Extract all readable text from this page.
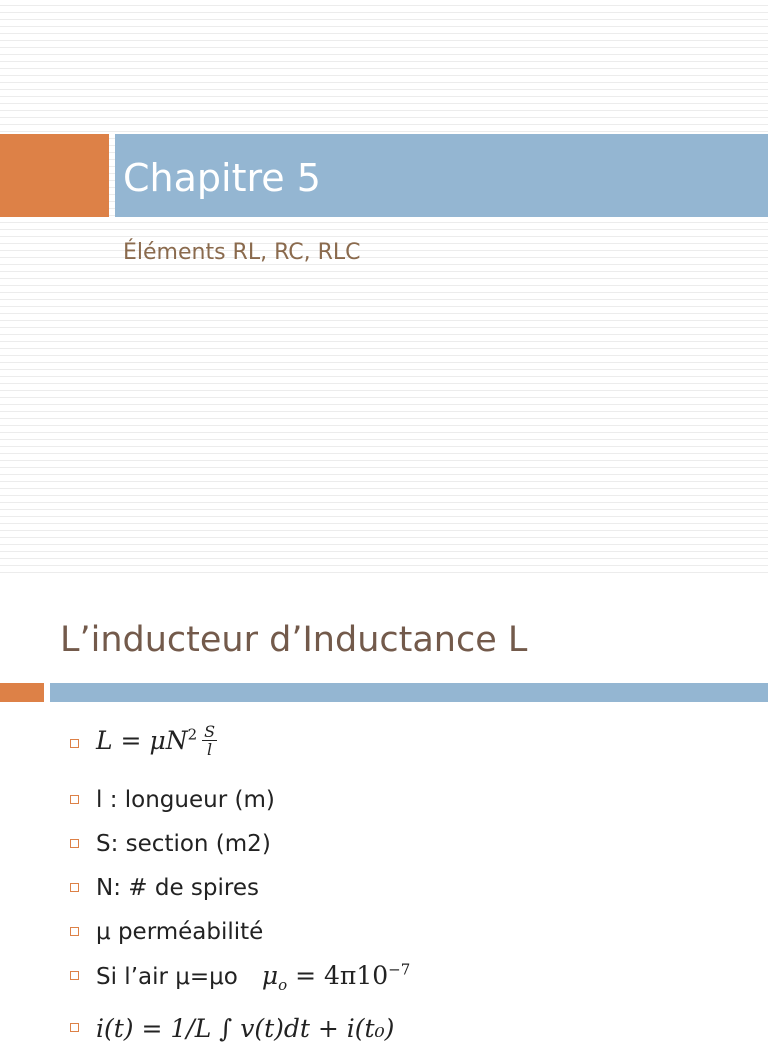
Chapitre 5
Éléments RL, RC, RLC
L’inducteur d’Inductance L
$L = \mu N^2 \frac{S}{l}$
l : longueur (m)
S: section (m2)
N: # de spires
μ perméabilité
Si l’air μ=μo $\mu_o = 4\pi 10^{-7}$
i(t) = 1/L ∫ v(t)dt + i(t₀)
